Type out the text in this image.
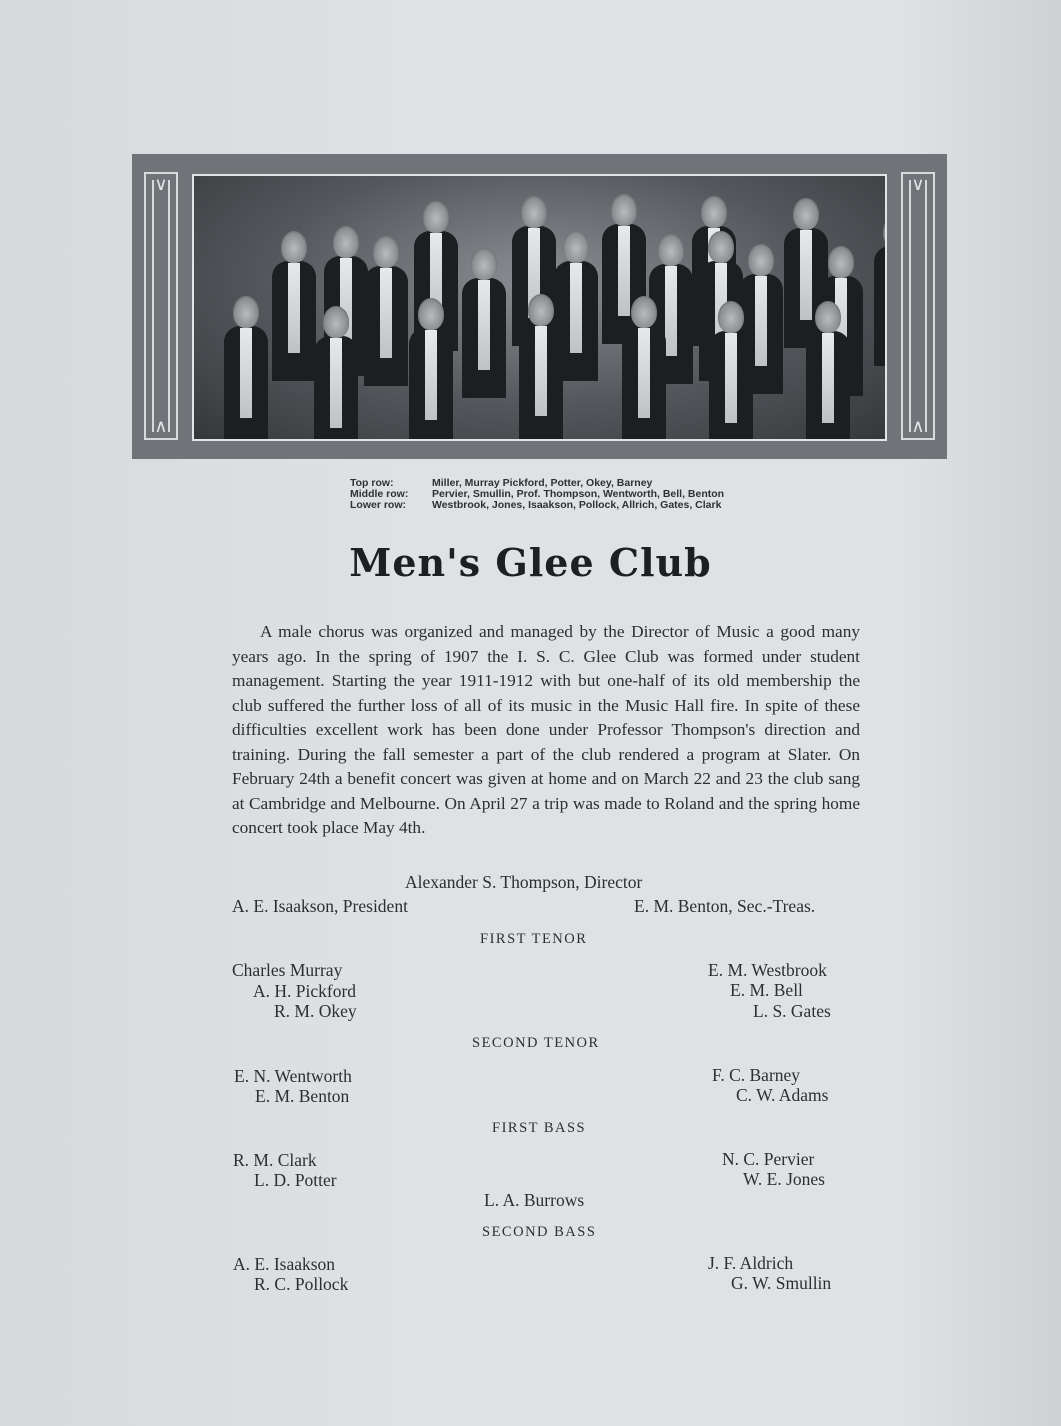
∨
∧
∨
∧
Top row:	Miller, Murray Pickford, Potter, Okey, Barney
Middle row: Pervier, Smullin, Prof. Thompson, Wentworth, Bell, Benton
Lower row: Westbrook, Jones, Isaakson, Pollock, Allrich, Gates, Clark
Men's Glee Club
A male chorus was organized and managed by the Director of Music a good many years ago. In the spring of 1907 the I. S. C. Glee Club was formed under student management. Starting the year 1911-1912 with but one-half of its old membership the club suffered the further loss of all of its music in the Music Hall fire. In spite of these difficulties excellent work has been done under Professor Thompson's direction and training. During the fall semester a part of the club rendered a program at Slater. On February 24th a benefit concert was given at home and on March 22 and 23 the club sang at Cambridge and Melbourne. On April 27 a trip was made to Roland and the spring home concert took place May 4th.
Alexander S. Thompson, Director
A. E. Isaakson, President	E. M. Benton, Sec.-Treas.
FIRST TENOR
Charles Murray
A. H. Pickford
R. M. Okey
E. M. Westbrook
E. M. Bell
L. S. Gates
SECOND TENOR
E. N. Wentworth
E. M. Benton
F. C. Barney
C. W. Adams
FIRST BASS
R. M. Clark
L. D. Potter
L. A. Burrows
N. C. Pervier
W. E. Jones
SECOND BASS
A. E. Isaakson
R. C. Pollock
J. F. Aldrich
G. W. Smullin
